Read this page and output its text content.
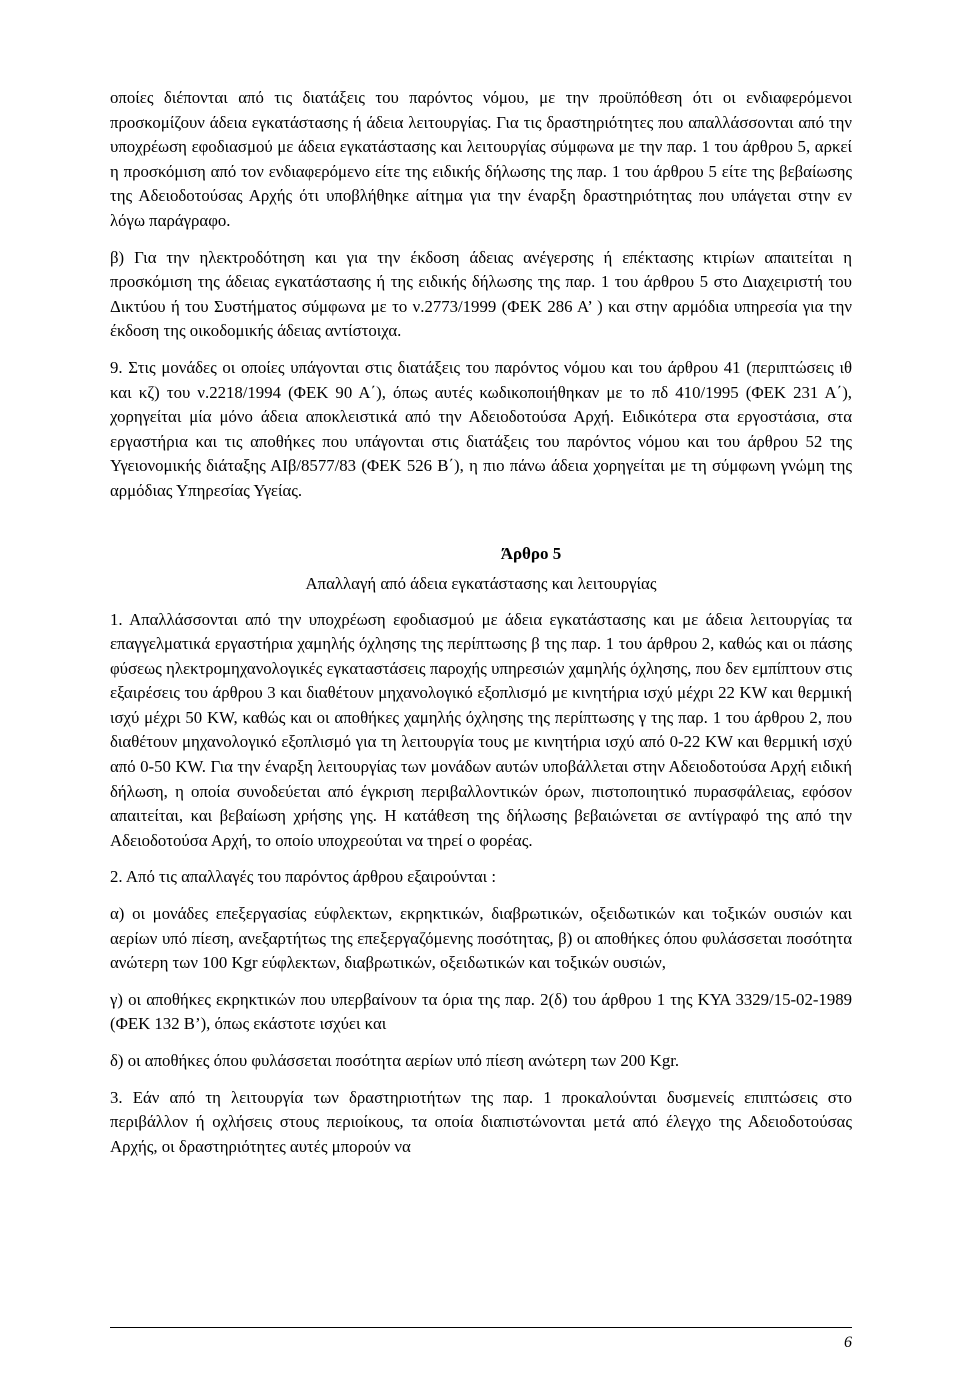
οποίες διέπονται από τις διατάξεις του παρόντος νόμου, με την προϋπόθεση ότι οι ενδιαφερόμενοι προσκομίζουν άδεια εγκατάστασης ή άδεια λειτουργίας. Για τις δραστηριότητες που απαλλάσσονται από την υποχρέωση εφοδιασμού με άδεια εγκατάστασης και λειτουργίας σύμφωνα με την παρ. 1 του άρθρου 5, αρκεί η προσκόμιση από τον ενδιαφερόμενο είτε της ειδικής δήλωσης της παρ. 1 του άρθρου 5 είτε της βεβαίωσης της Αδειοδοτούσας Αρχής ότι υποβλήθηκε αίτημα για την έναρξη δραστηριότητας που υπάγεται στην εν λόγω παράγραφο.

β) Για την ηλεκτροδότηση και για την έκδοση άδειας ανέγερσης ή επέκτασης κτιρίων απαιτείται η προσκόμιση της άδειας εγκατάστασης ή της ειδικής δήλωσης της παρ. 1 του άρθρου 5 στο Διαχειριστή του Δικτύου ή του Συστήματος σύμφωνα με το ν.2773/1999 (ΦΕΚ 286 Α’ ) και στην αρμόδια υπηρεσία για την έκδοση της οικοδομικής άδειας αντίστοιχα.

9. Στις μονάδες οι οποίες υπάγονται στις διατάξεις του παρόντος νόμου και του άρθρου 41 (περιπτώσεις ιθ και κζ) του ν.2218/1994 (ΦΕΚ 90 Α΄), όπως αυτές κωδικοποιήθηκαν με το πδ 410/1995 (ΦΕΚ 231 Α΄), χορηγείται μία μόνο άδεια αποκλειστικά από την Αδειοδοτούσα Αρχή. Ειδικότερα στα εργοστάσια, στα εργαστήρια και τις αποθήκες που υπάγονται στις διατάξεις του παρόντος νόμου και του άρθρου 52 της Υγειονομικής διάταξης ΑΙβ/8577/83 (ΦΕΚ 526 Β΄), η πιο πάνω άδεια χορηγείται με τη σύμφωνη γνώμη της αρμόδιας Υπηρεσίας Υγείας.

Άρθρο 5
Απαλλαγή από άδεια εγκατάστασης και λειτουργίας

1. Απαλλάσσονται από την υποχρέωση εφοδιασμού με άδεια εγκατάστασης και με άδεια λειτουργίας τα επαγγελματικά εργαστήρια χαμηλής όχλησης της περίπτωσης β της παρ. 1 του άρθρου 2, καθώς και οι πάσης φύσεως ηλεκτρομηχανολογικές εγκαταστάσεις παροχής υπηρεσιών χαμηλής όχλησης, που δεν εμπίπτουν στις εξαιρέσεις του άρθρου 3 και διαθέτουν μηχανολογικό εξοπλισμό με κινητήρια ισχύ μέχρι 22 KW και θερμική ισχύ μέχρι 50 KW, καθώς και οι αποθήκες χαμηλής όχλησης της περίπτωσης γ της παρ. 1 του άρθρου 2, που διαθέτουν μηχανολογικό εξοπλισμό για τη λειτουργία τους με κινητήρια ισχύ από 0-22 KW και θερμική ισχύ από 0-50 KW. Για την έναρξη λειτουργίας των μονάδων αυτών υποβάλλεται στην Αδειοδοτούσα Αρχή ειδική δήλωση, η οποία συνοδεύεται από έγκριση περιβαλλοντικών όρων, πιστοποιητικό πυρασφάλειας, εφόσον απαιτείται, και βεβαίωση χρήσης γης. Η κατάθεση της δήλωσης βεβαιώνεται σε αντίγραφό της από την Αδειοδοτούσα Αρχή, το οποίο υποχρεούται να τηρεί ο φορέας.

2. Από τις απαλλαγές του παρόντος άρθρου εξαιρούνται :

α) οι μονάδες επεξεργασίας εύφλεκτων, εκρηκτικών, διαβρωτικών, οξειδωτικών και τοξικών ουσιών και αερίων υπό πίεση, ανεξαρτήτως της επεξεργαζόμενης ποσότητας, β) οι αποθήκες όπου φυλάσσεται ποσότητα ανώτερη των 100 Kgr εύφλεκτων, διαβρωτικών, οξειδωτικών και τοξικών ουσιών,

γ) οι αποθήκες εκρηκτικών που υπερβαίνουν τα όρια της παρ. 2(δ) του άρθρου 1 της ΚΥΑ 3329/15-02-1989 (ΦΕΚ 132 Β’), όπως εκάστοτε ισχύει και

δ) οι αποθήκες όπου φυλάσσεται ποσότητα αερίων υπό πίεση ανώτερη των 200 Kgr.

3. Εάν από τη λειτουργία των δραστηριοτήτων της παρ. 1 προκαλούνται δυσμενείς επιπτώσεις στο περιβάλλον ή οχλήσεις στους περιοίκους, τα οποία διαπιστώνονται μετά από έλεγχο της Αδειοδοτούσας Αρχής, οι δραστηριότητες αυτές μπορούν να

6
